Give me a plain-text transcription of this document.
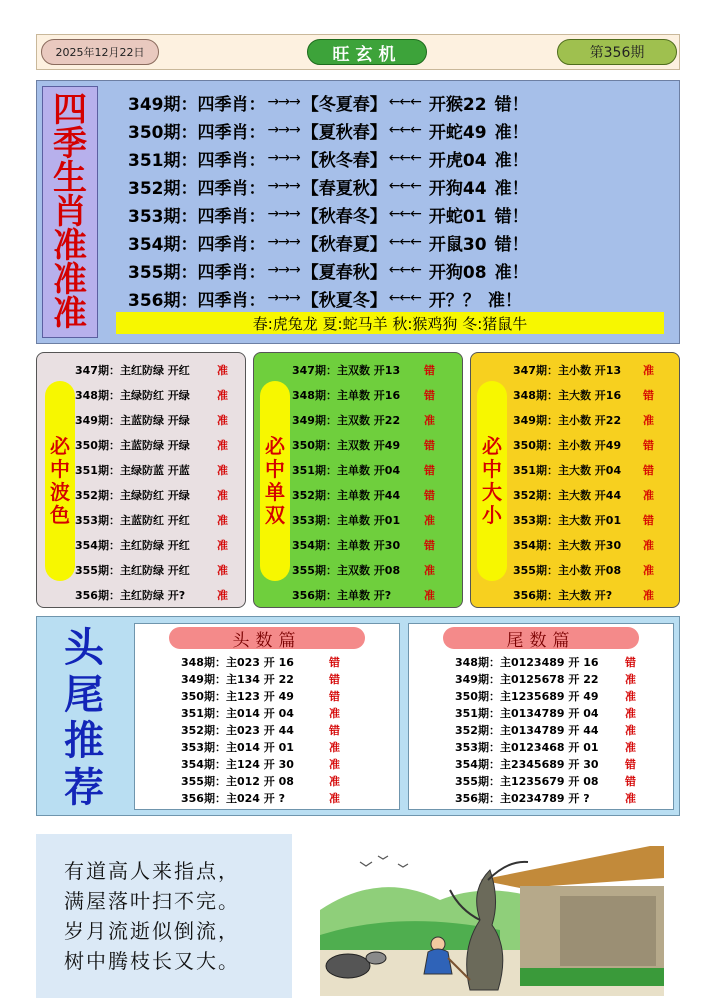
2025年12月22日	旺玄机	第356期
四
季
生
肖
准
准
准
349期： 四季肖： →→→ 【冬夏春】 ←←← 开猴22 错！
350期： 四季肖： →→→ 【夏秋春】 ←←← 开蛇49 准！
351期： 四季肖： →→→ 【秋冬春】 ←←← 开虎04 准！
352期： 四季肖： →→→ 【春夏秋】 ←←← 开狗44 准！
353期： 四季肖： →→→ 【秋春冬】 ←←← 开蛇01 错！
354期： 四季肖： →→→ 【秋春夏】 ←←← 开鼠30 错！
355期： 四季肖： →→→ 【夏春秋】 ←←← 开狗08 准！
356期： 四季肖： →→→ 【秋夏冬】 ←←← 开？？ 准！
春:虎兔龙 夏:蛇马羊 秋:猴鸡狗 冬:猪鼠牛
必
中
波
色
347期：主红防绿 开红 准
348期：主绿防红 开绿 准
349期：主蓝防绿 开绿 准
350期：主蓝防绿 开绿 准
351期：主绿防蓝 开蓝 准
352期：主绿防红 开绿 准
353期：主蓝防红 开红 准
354期：主红防绿 开红 准
355期：主红防绿 开红 准
356期：主红防绿 开?	准
必
中
单
双
347期：主双数 开13 错
348期：主单数 开16 错
349期：主双数 开22 准
350期：主双数 开49 错
351期：主单数 开04 错
352期：主单数 开44 错
353期：主单数 开01 准
354期：主单数 开30 错
355期：主双数 开08 准
356期：主单数 开?	准
必
中
大
小
347期：主小数 开13 准
348期：主大数 开16 错
349期：主小数 开22 准
350期：主小数 开49 错
351期：主大数 开04 错
352期：主大数 开44 准
353期：主大数 开01 错
354期：主大数 开30 准
355期：主小数 开08 准
356期：主大数 开?	准
头
尾
推
荐
头数篇
348期：主023 开 16	错
349期：主134 开 22	错
350期：主123 开 49	错
351期：主014 开 04	准
352期：主023 开 44	错
353期：主014 开 01	准
354期：主124 开 30	准
355期：主012 开 08	准
356期：主024 开 ?	准
尾数篇
348期：主0123489 开 16 错
349期：主0125678 开 22 准
350期：主1235689 开 49 准
351期：主0134789 开 04 准
352期：主0134789 开 44 准
353期：主0123468 开 01 准
354期：主2345689 开 30 错
355期：主1235679 开 08 错
356期：主0234789 开 ?	准
有道高人来指点，
满屋落叶扫不完。
岁月流逝似倒流，
树中腾枝长又大。
